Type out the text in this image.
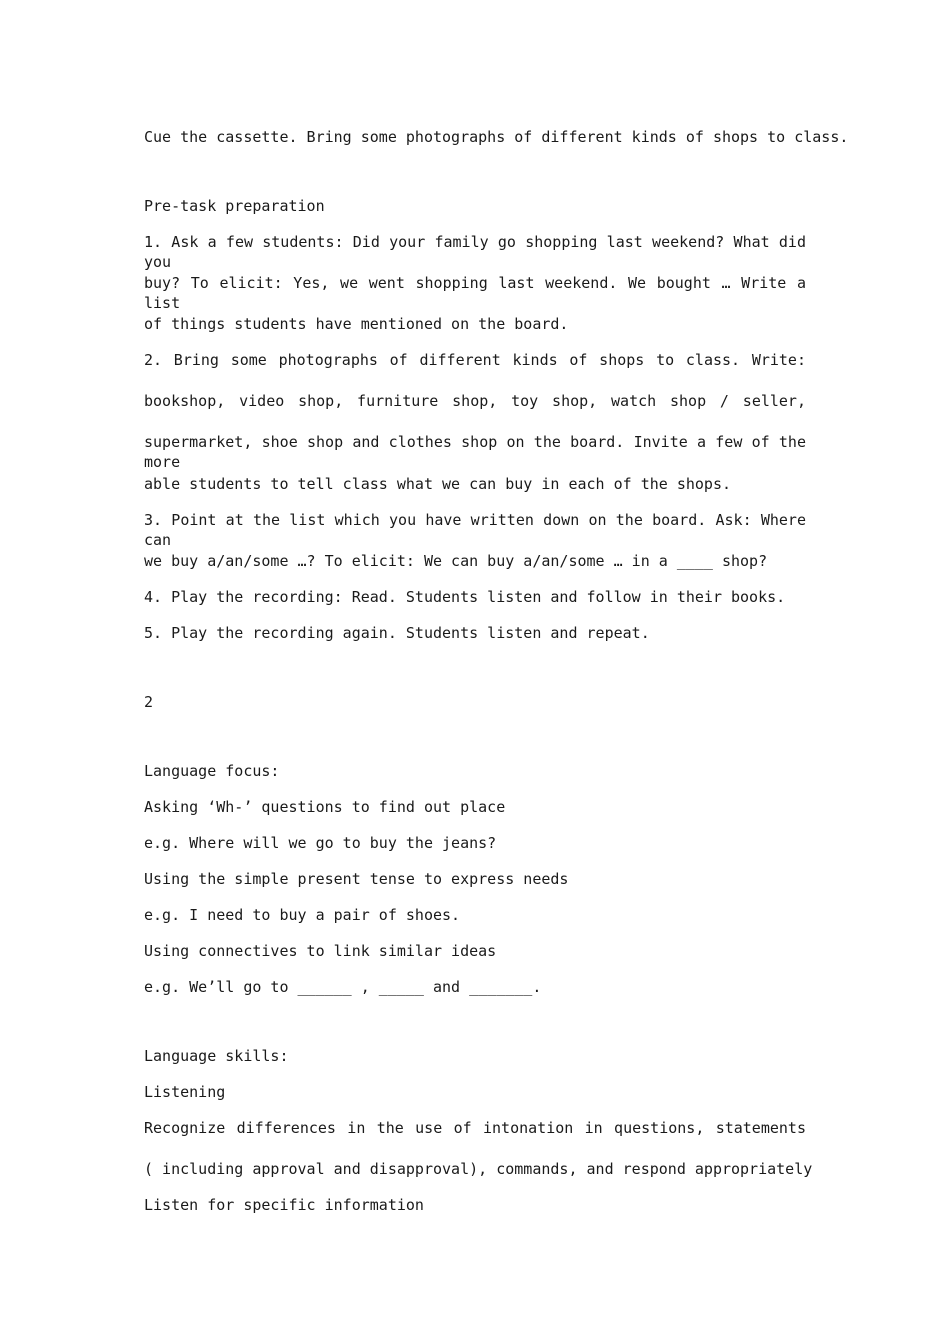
Cue the cassette. Bring some photographs of different kinds of shops to class.

Pre-task preparation

1. Ask a few students: Did your family go shopping last weekend? What did you

buy? To elicit: Yes, we went shopping last weekend. We bought … Write a list

of things students have mentioned on the board.

2. Bring some photographs of different kinds of shops to class. Write:

bookshop, video shop, furniture shop, toy shop, watch shop / seller,

supermarket, shoe shop and clothes shop on the board. Invite a few of the more

able students to tell class what we can buy in each of the shops.

3. Point at the list which you have written down on the board. Ask: Where can

we buy a/an/some …? To elicit: We can buy a/an/some … in a ____ shop?

4. Play the recording: Read. Students listen and follow in their books.

5. Play the recording again. Students listen and repeat.

2

Language focus:

Asking ‘Wh-’ questions to find out place

e.g. Where will we go to buy the jeans?

Using the simple present tense to express needs

e.g. I need to buy a pair of shoes.

Using connectives to link similar ideas

e.g. We’ll go to ______ , _____ and _______.

Language skills:

Listening

Recognize differences in the use of intonation in questions, statements

( including approval and disapproval), commands, and respond appropriately

Listen for specific information
